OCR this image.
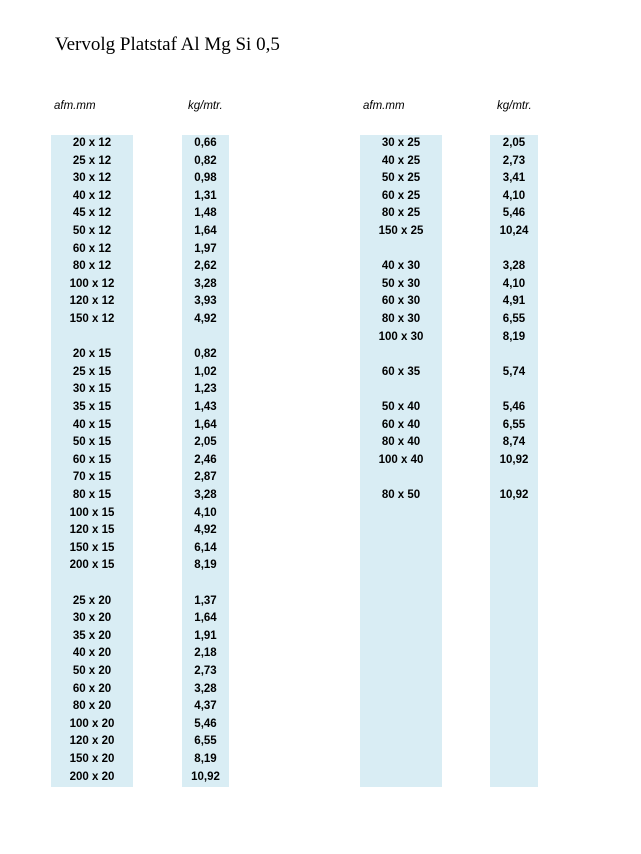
Vervolg Platstaf Al Mg Si 0,5
afm.mm	kg/mtr.	afm.mm	kg/mtr.
20 x 12	0,66
25 x 12	0,82
30 x 12	0,98
40 x 12	1,31
45 x 12	1,48
50 x 12	1,64
60 x 12	1,97
80 x 12	2,62
100 x 12	3,28
120 x 12	3,93
150 x 12	4,92
20 x 15	0,82
25 x 15	1,02
30 x 15	1,23
35 x 15	1,43
40 x 15	1,64
50 x 15	2,05
60 x 15	2,46
70 x 15	2,87
80 x 15	3,28
100 x 15	4,10
120 x 15	4,92
150 x 15	6,14
200 x 15	8,19
25 x 20	1,37
30 x 20	1,64
35 x 20	1,91
40 x 20	2,18
50 x 20	2,73
60 x 20	3,28
80 x 20	4,37
100 x 20	5,46
120 x 20	6,55
150 x 20	8,19
200 x 20	10,92
30 x 25	2,05
40 x 25	2,73
50 x 25	3,41
60 x 25	4,10
80 x 25	5,46
150 x 25	10,24
40 x 30	3,28
50 x 30	4,10
60 x 30	4,91
80 x 30	6,55
100 x 30	8,19
60 x 35	5,74
50 x 40	5,46
60 x 40	6,55
80 x 40	8,74
100 x 40	10,92
80 x 50	10,92
